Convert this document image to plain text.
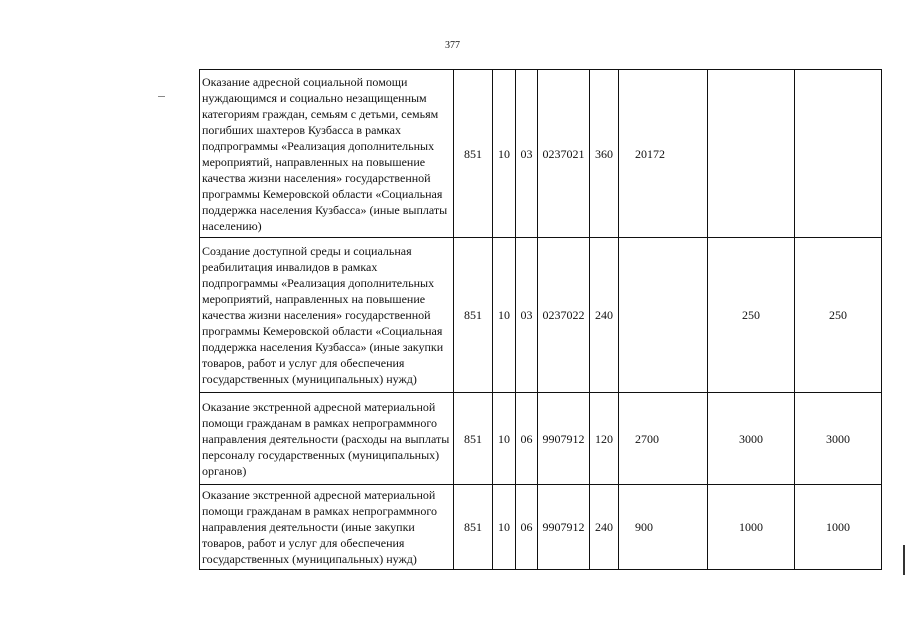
377
Оказание адресной социальной помощи нуждающимся и социально незащищенным категориям граждан, семьям с детьми, семьям погибших шахтеров Кузбасса в рамках подпрограммы «Реализация дополнительных мероприятий, направленных на повышение качества жизни населения» государственной программы Кемеровской области «Социальная поддержка населения Кузбасса» (иные выплаты населению)	851	10	03	0237021	360	20172		
Создание доступной среды и социальная реабилитация инвалидов в рамках подпрограммы «Реализация дополнительных мероприятий, направленных на повышение качества жизни населения» государственной программы Кемеровской области «Социальная поддержка населения Кузбасса» (иные закупки товаров, работ и услуг для обеспечения государственных (муниципальных) нужд)	851	10	03	0237022	240		250	250
Оказание экстренной адресной материальной помощи гражданам в рамках непрограммного направления деятельности (расходы на выплаты персоналу государственных (муниципальных) органов)	851	10	06	9907912	120	2700	3000	3000
Оказание экстренной адресной материальной помощи гражданам в рамках непрограммного направления деятельности (иные закупки товаров, работ и услуг для обеспечения государственных (муниципальных) нужд)	851	10	06	9907912	240	900	1000	1000
